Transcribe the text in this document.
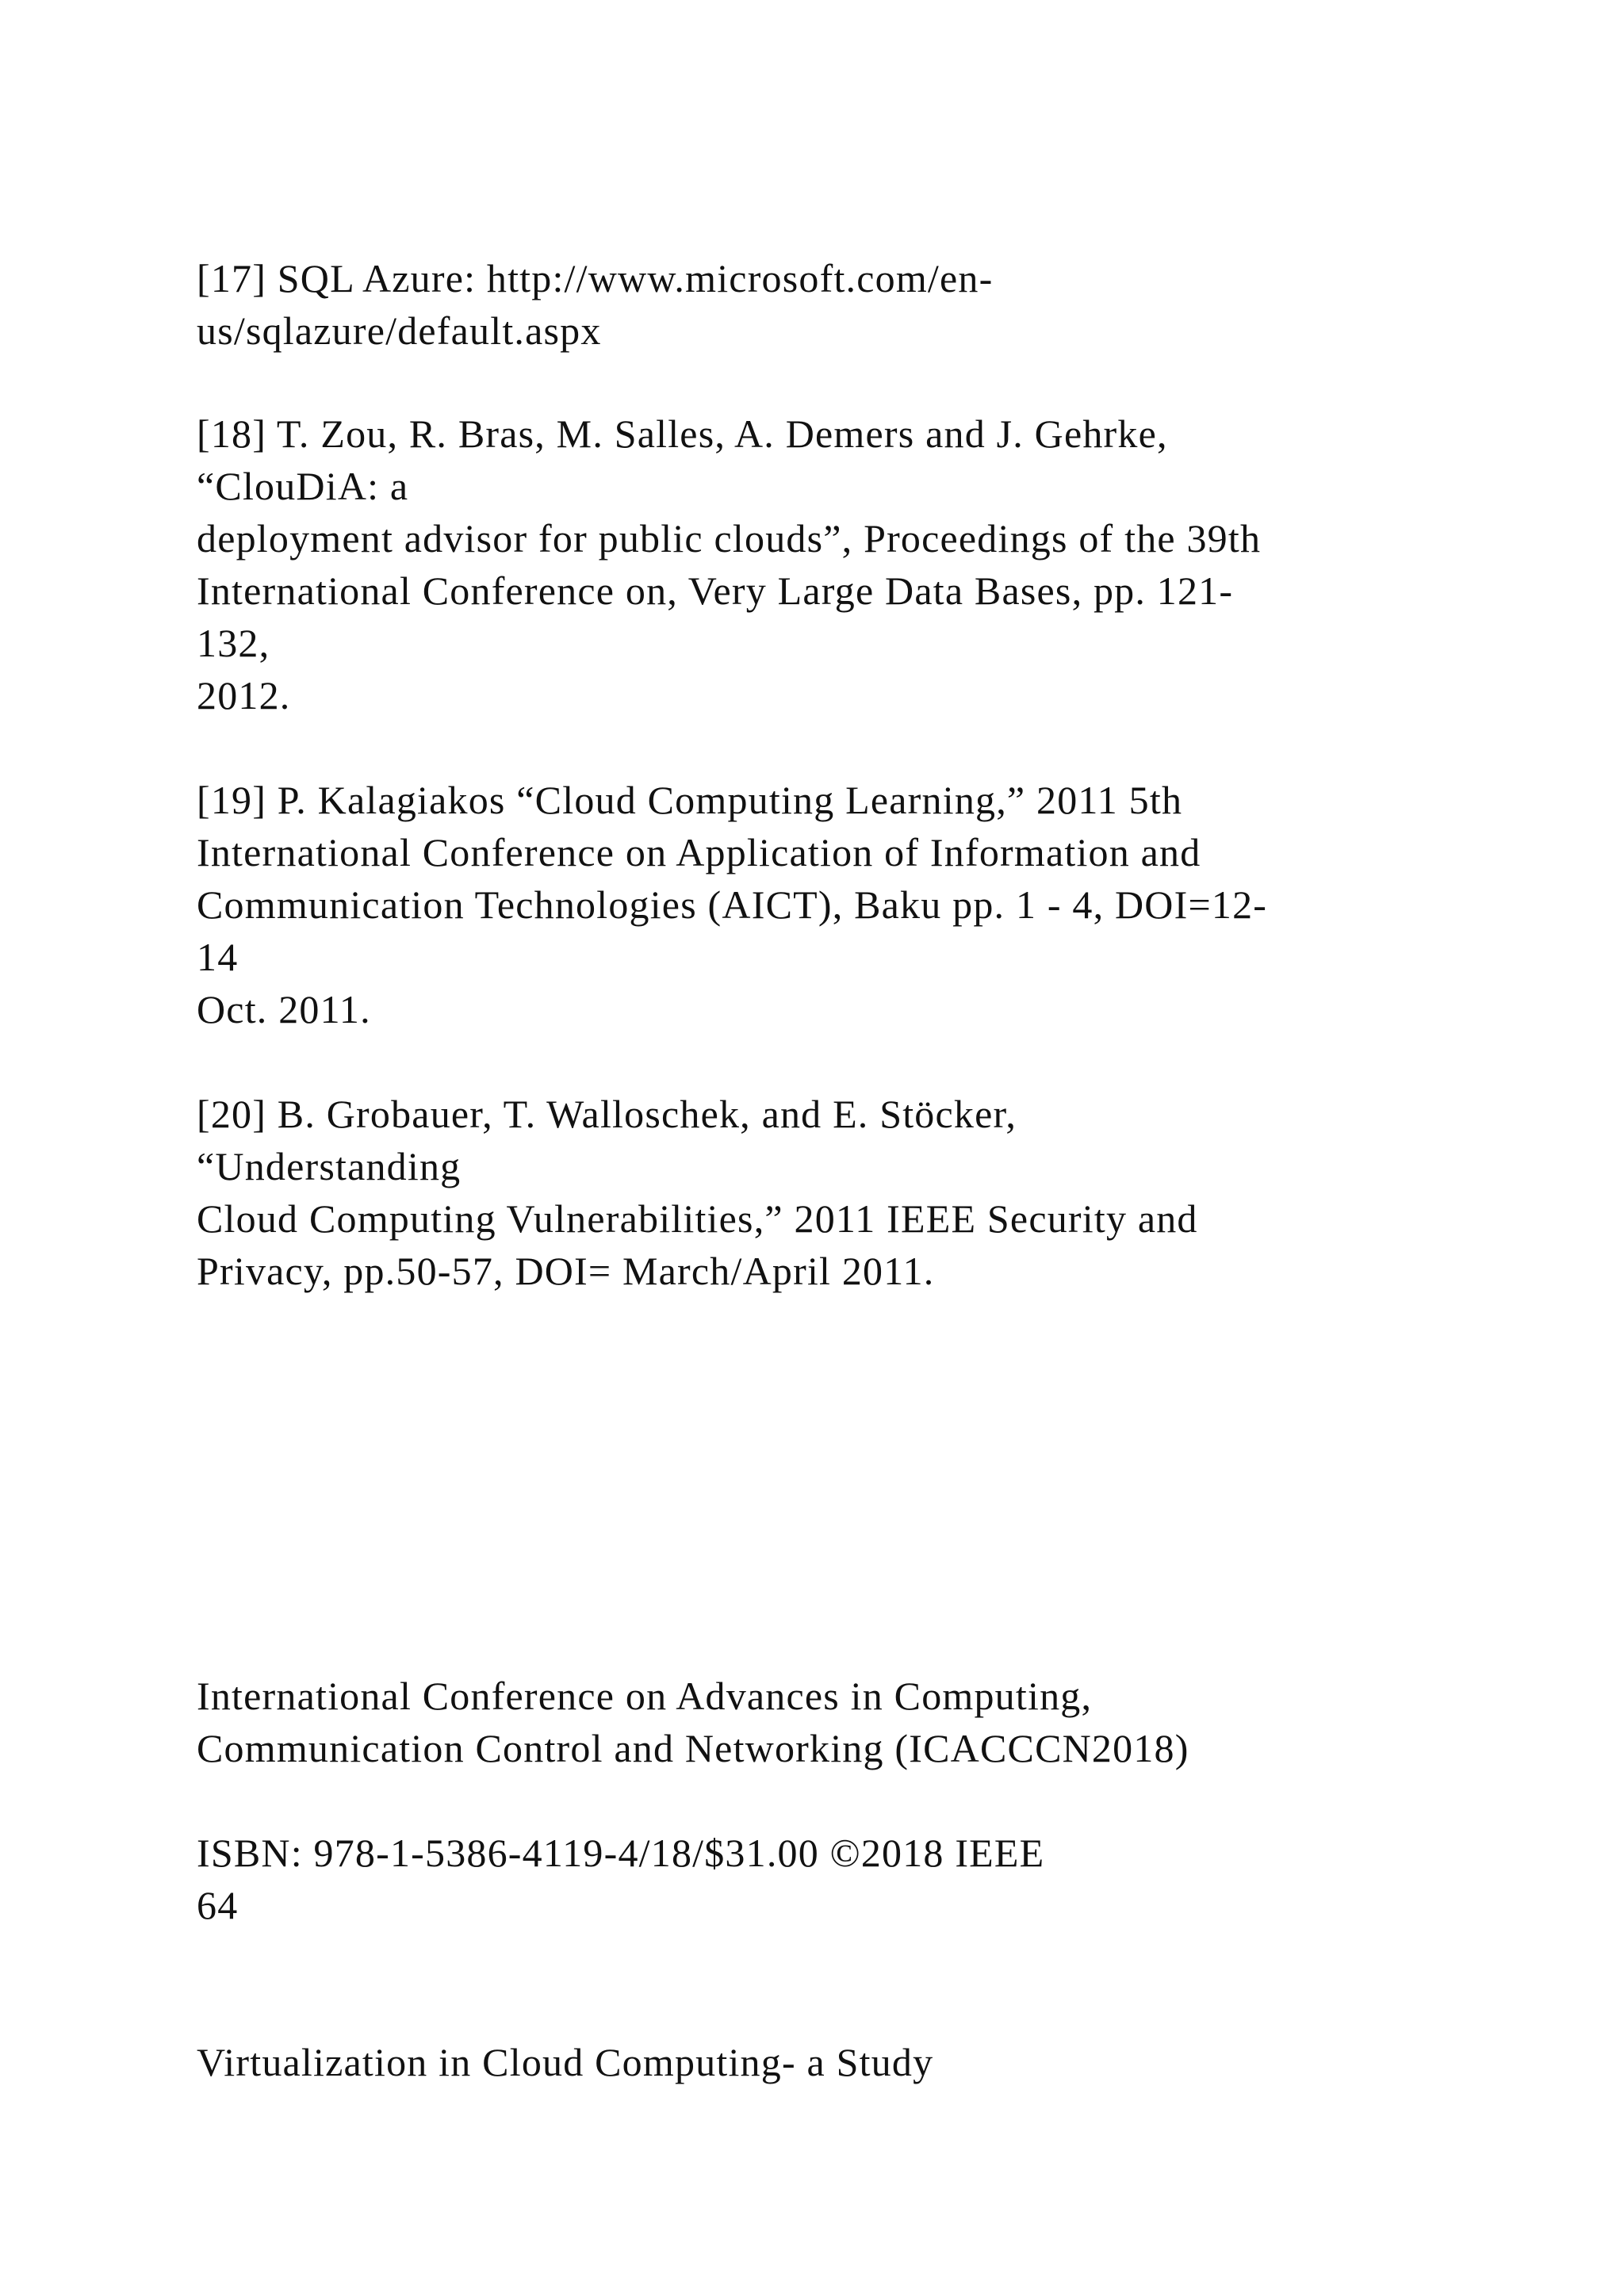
[17] SQL Azure: http://www.microsoft.com/en-

us/sqlazure/default.aspx

[18] T. Zou, R. Bras, M. Salles, A. Demers and J. Gehrke,

“ClouDiA: a

deployment advisor for public clouds”, Proceedings of the 39th

International Conference on, Very Large Data Bases, pp. 121-

132,

2012.

[19] P. Kalagiakos “Cloud Computing Learning,” 2011 5th

International Conference on Application of Information and

Communication Technologies (AICT), Baku pp. 1 - 4, DOI=12-

14

Oct. 2011.

[20] B. Grobauer, T. Walloschek, and E. Stöcker,

“Understanding

Cloud Computing Vulnerabilities,” 2011 IEEE Security and

Privacy, pp.50-57, DOI= March/April 2011.

International Conference on Advances in Computing,

Communication Control and Networking (ICACCCN2018)

ISBN: 978-1-5386-4119-4/18/$31.00 ©2018 IEEE

64

Virtualization in Cloud Computing- a Study
